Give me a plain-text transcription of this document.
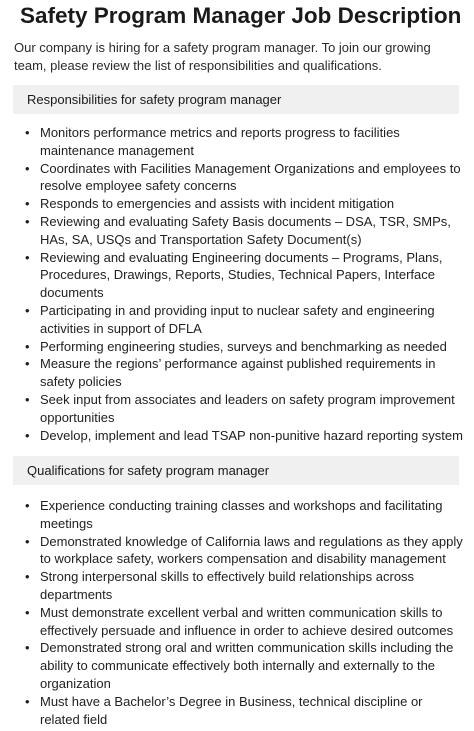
Safety Program Manager Job Description

Our company is hiring for a safety program manager. To join our growing team, please review the list of responsibilities and qualifications.

Responsibilities for safety program manager
• Monitors performance metrics and reports progress to facilities maintenance management
• Coordinates with Facilities Management Organizations and employees to resolve employee safety concerns
• Responds to emergencies and assists with incident mitigation
• Reviewing and evaluating Safety Basis documents – DSA, TSR, SMPs, HAs, SA, USQs and Transportation Safety Document(s)
• Reviewing and evaluating Engineering documents – Programs, Plans, Procedures, Drawings, Reports, Studies, Technical Papers, Interface documents
• Participating in and providing input to nuclear safety and engineering activities in support of DFLA
• Performing engineering studies, surveys and benchmarking as needed
• Measure the regions’ performance against published requirements in safety policies
• Seek input from associates and leaders on safety program improvement opportunities
• Develop, implement and lead TSAP non-punitive hazard reporting system
Qualifications for safety program manager
• Experience conducting training classes and workshops and facilitating meetings
• Demonstrated knowledge of California laws and regulations as they apply to workplace safety, workers compensation and disability management
• Strong interpersonal skills to effectively build relationships across departments
• Must demonstrate excellent verbal and written communication skills to effectively persuade and influence in order to achieve desired outcomes
• Demonstrated strong oral and written communication skills including the ability to communicate effectively both internally and externally to the organization
• Must have a Bachelor’s Degree in Business, technical discipline or related field
